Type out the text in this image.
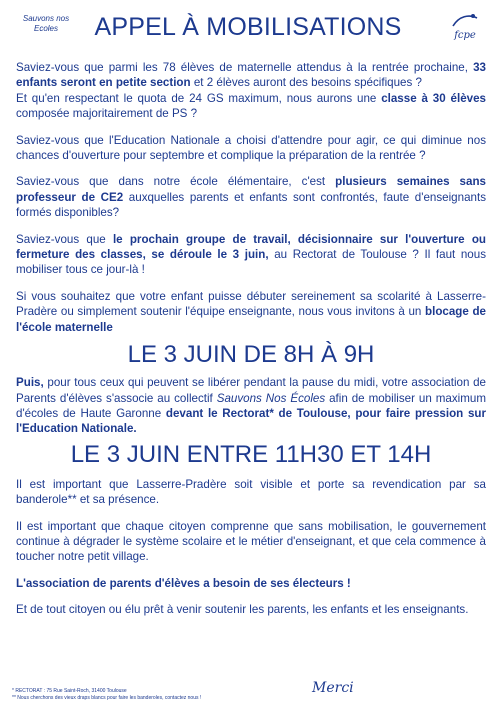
Sauvons nos
Ecoles	APPEL À MOBILISATIONS	fcpe

Saviez-vous que parmi les 78 élèves de maternelle attendus à la rentrée prochaine, 33 enfants seront en petite section et 2 élèves auront des besoins spécifiques ?
Et qu'en respectant le quota de 24 GS maximum, nous aurons une classe à 30 élèves composée majoritairement de PS ?

Saviez-vous que l'Education Nationale a choisi d'attendre pour agir, ce qui diminue nos chances d'ouverture pour septembre et complique la préparation de la rentrée ?

Saviez-vous que dans notre école élémentaire, c'est plusieurs semaines sans professeur de CE2 auxquelles parents et enfants sont confrontés, faute d'enseignants formés disponibles?

Saviez-vous que le prochain groupe de travail, décisionnaire sur l'ouverture ou fermeture des classes, se déroule le 3 juin, au Rectorat de Toulouse ? Il faut nous mobiliser tous ce jour-là !

Si vous souhaitez que votre enfant puisse débuter sereinement sa scolarité à Lasserre-Pradère ou simplement soutenir l'équipe enseignante, nous vous invitons à un blocage de l'école maternelle

LE 3 JUIN DE 8H À 9H

Puis, pour tous ceux qui peuvent se libérer pendant la pause du midi, votre association de Parents d'élèves s'associe au collectif Sauvons Nos Écoles afin de mobiliser un maximum d'écoles de Haute Garonne devant le Rectorat* de Toulouse, pour faire pression sur l'Education Nationale.

LE 3 JUIN ENTRE 11H30 ET 14H

Il est important que Lasserre-Pradère soit visible et porte sa revendication par sa banderole** et sa présence.

Il est important que chaque citoyen comprenne que sans mobilisation, le gouvernement continue à dégrader le système scolaire et le métier d'enseignant, et que cela commence à toucher notre petit village.

L'association de parents d'élèves a besoin de ses électeurs !

Et de tout citoyen ou élu prêt à venir soutenir les parents, les enfants et les enseignants.

* RECTORAT : 75 Rue Saint-Roch, 31400 Toulouse
** Nous cherchons des vieux draps blancs pour faire les banderoles, contactez nous !
Merci
